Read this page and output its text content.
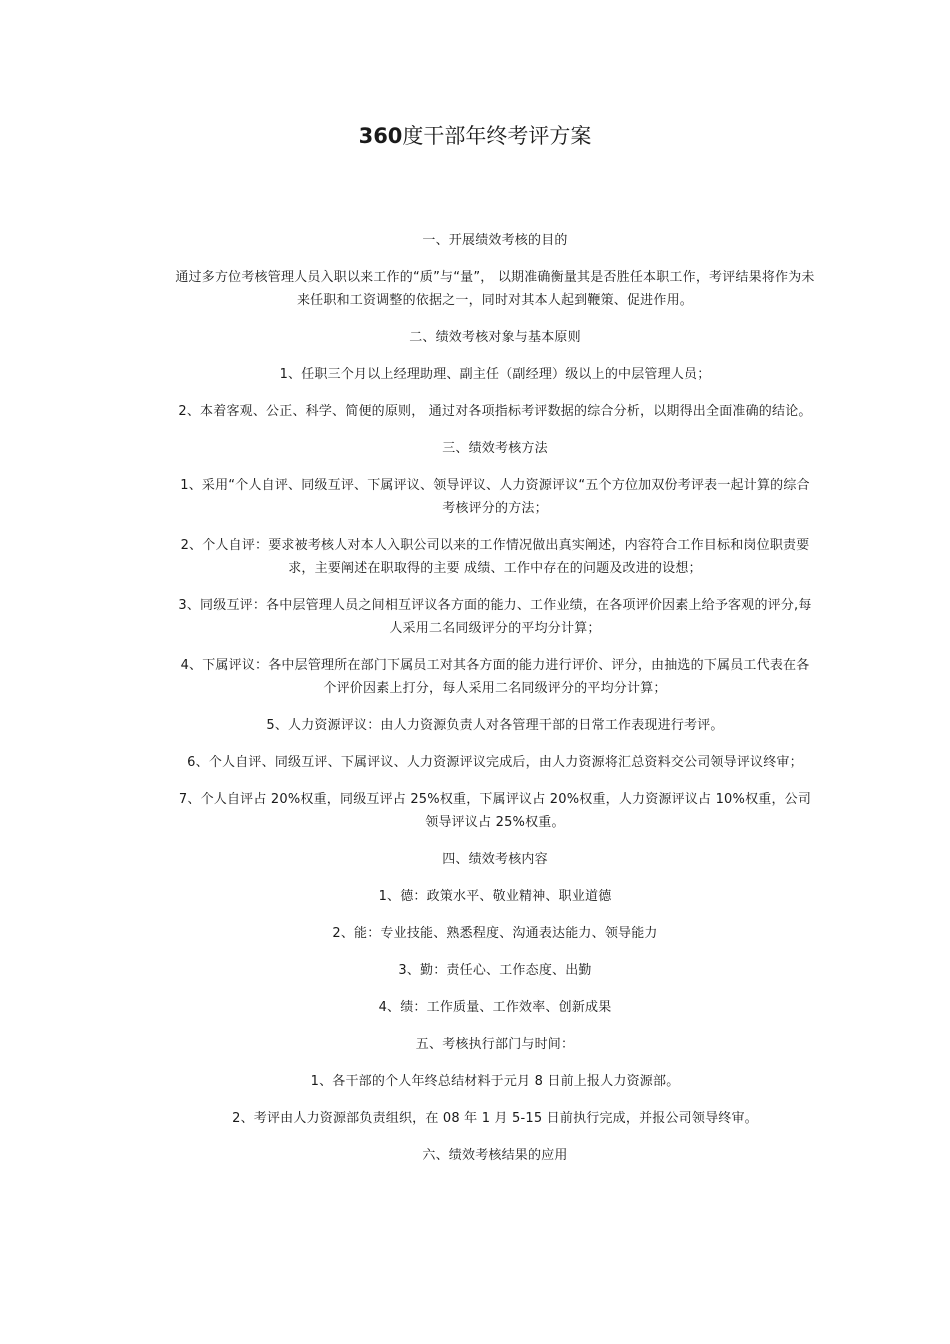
360度干部年终考评方案

一、开展绩效考核的目的

通过多方位考核管理人员入职以来工作的“质”与“量”， 以期准确衡量其是否胜任本职工作，考评结果将作为未来任职和工资调整的依据之一，同时对其本人起到鞭策、促进作用。

二、绩效考核对象与基本原则

1、任职三个月以上经理助理、副主任（副经理）级以上的中层管理人员；

2、本着客观、公正、科学、简便的原则， 通过对各项指标考评数据的综合分析，以期得出全面准确的结论。

三、绩效考核方法

1、采用“个人自评、同级互评、下属评议、领导评议、人力资源评议“五个方位加双份考评表一起计算的综合考核评分的方法；

2、个人自评：要求被考核人对本人入职公司以来的工作情况做出真实阐述，内容符合工作目标和岗位职责要求，主要阐述在职取得的主要 成绩、工作中存在的问题及改进的设想；

3、同级互评：各中层管理人员之间相互评议各方面的能力、工作业绩，在各项评价因素上给予客观的评分,每人采用二名同级评分的平均分计算；

4、下属评议：各中层管理所在部门下属员工对其各方面的能力进行评价、评分，由抽选的下属员工代表在各个评价因素上打分，每人采用二名同级评分的平均分计算；

5、人力资源评议：由人力资源负责人对各管理干部的日常工作表现进行考评。

6、个人自评、同级互评、下属评议、人力资源评议完成后，由人力资源将汇总资料交公司领导评议终审；

7、个人自评占 20%权重，同级互评占 25%权重，下属评议占 20%权重，人力资源评议占 10%权重，公司领导评议占 25%权重。

四、绩效考核内容

1、德：政策水平、敬业精神、职业道德

2、能：专业技能、熟悉程度、沟通表达能力、领导能力

3、勤：责任心、工作态度、出勤

4、绩：工作质量、工作效率、创新成果

五、考核执行部门与时间：

1、各干部的个人年终总结材料于元月 8 日前上报人力资源部。

2、考评由人力资源部负责组织，在 08 年 1 月 5-15 日前执行完成，并报公司领导终审。

六、绩效考核结果的应用
